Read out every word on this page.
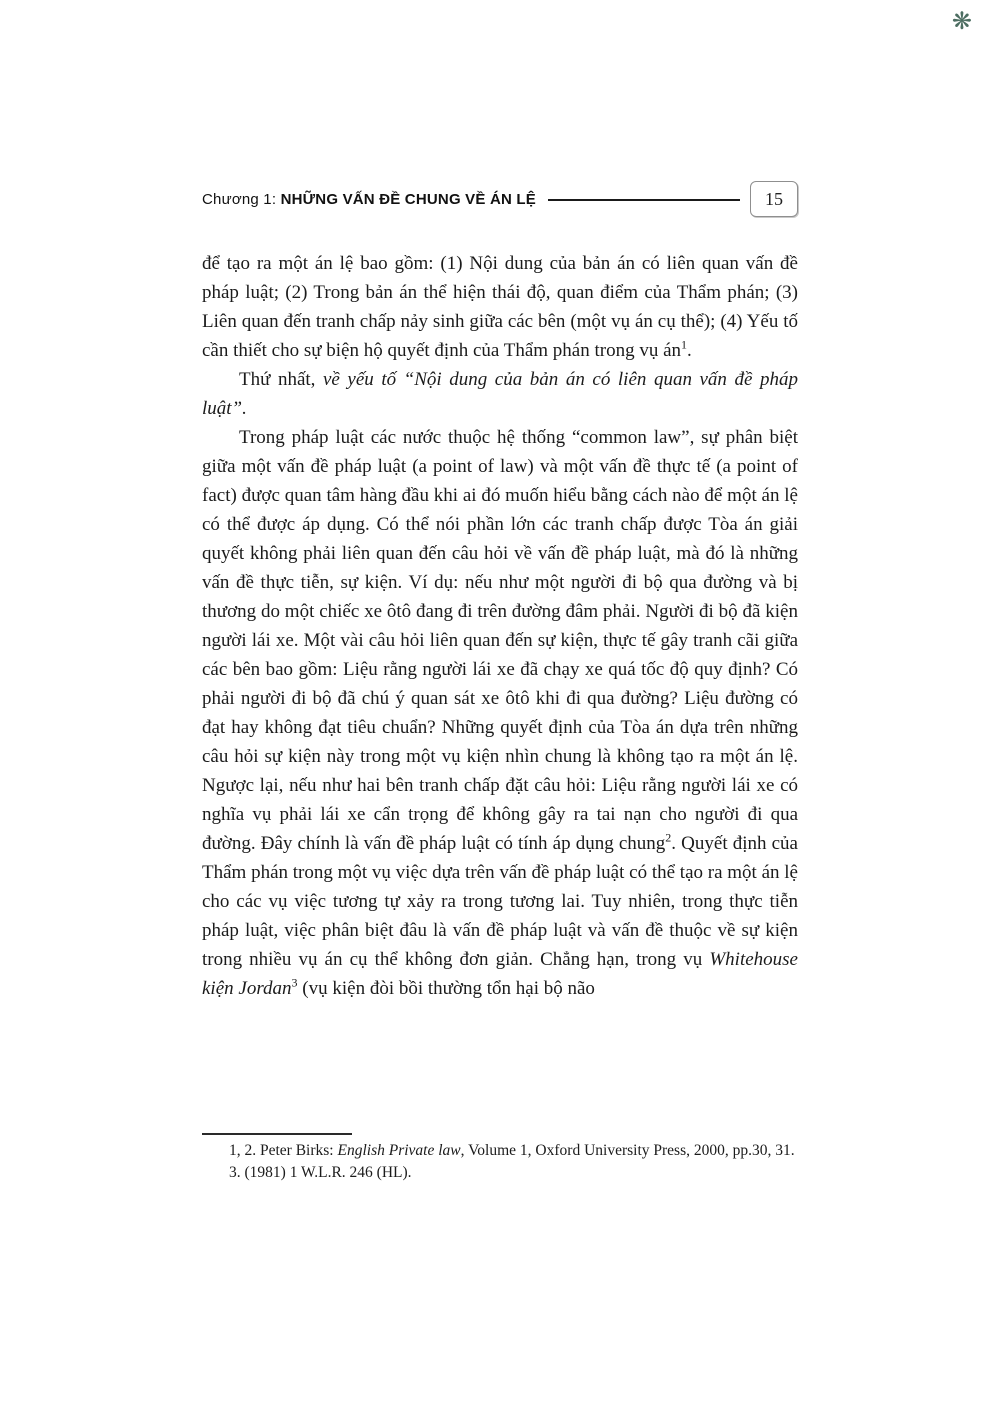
❋
Chương 1: NHỮNG VẤN ĐỀ CHUNG VỀ ÁN LỆ	15

để tạo ra một án lệ bao gồm: (1) Nội dung của bản án có liên quan vấn đề pháp luật; (2) Trong bản án thể hiện thái độ, quan điểm của Thẩm phán; (3) Liên quan đến tranh chấp nảy sinh giữa các bên (một vụ án cụ thể); (4) Yếu tố cần thiết cho sự biện hộ quyết định của Thẩm phán trong vụ $án^1$.

Thứ nhất, về yếu tố “Nội dung của bản án có liên quan vấn đề pháp luật”.

Trong pháp luật các nước thuộc hệ thống “common law”, sự phân biệt giữa một vấn đề pháp luật (a point of law) và một vấn đề thực tế (a point of fact) được quan tâm hàng đầu khi ai đó muốn hiểu bằng cách nào để một án lệ có thể được áp dụng. Có thể nói phần lớn các tranh chấp được Tòa án giải quyết không phải liên quan đến câu hỏi về vấn đề pháp luật, mà đó là những vấn đề thực tiễn, sự kiện. Ví dụ: nếu như một người đi bộ qua đường và bị thương do một chiếc xe ôtô đang đi trên đường đâm phải. Người đi bộ đã kiện người lái xe. Một vài câu hỏi liên quan đến sự kiện, thực tế gây tranh cãi giữa các bên bao gồm: Liệu rằng người lái xe đã chạy xe quá tốc độ quy định? Có phải người đi bộ đã chú ý quan sát xe ôtô khi đi qua đường? Liệu đường có đạt hay không đạt tiêu chuẩn? Những quyết định của Tòa án dựa trên những câu hỏi sự kiện này trong một vụ kiện nhìn chung là không tạo ra một án lệ. Ngược lại, nếu như hai bên tranh chấp đặt câu hỏi: Liệu rằng người lái xe có nghĩa vụ phải lái xe cẩn trọng để không gây ra tai nạn cho người đi qua đường. Đây chính là vấn đề pháp luật có tính áp dụng chung$^2$. Quyết định của Thẩm phán trong một vụ việc dựa trên vấn đề pháp luật có thể tạo ra một án lệ cho các vụ việc tương tự xảy ra trong tương lai. Tuy nhiên, trong thực tiễn pháp luật, việc phân biệt đâu là vấn đề pháp luật và vấn đề thuộc về sự kiện trong nhiều vụ án cụ thể không đơn giản. Chẳng hạn, trong vụ Whitehouse kiện Jordan$^3$ (vụ kiện đòi bồi thường tổn hại bộ não

1, 2. Peter Birks: English Private law, Volume 1, Oxford University Press, 2000, pp.30, 31.

3. (1981) 1 W.L.R. 246 (HL).
